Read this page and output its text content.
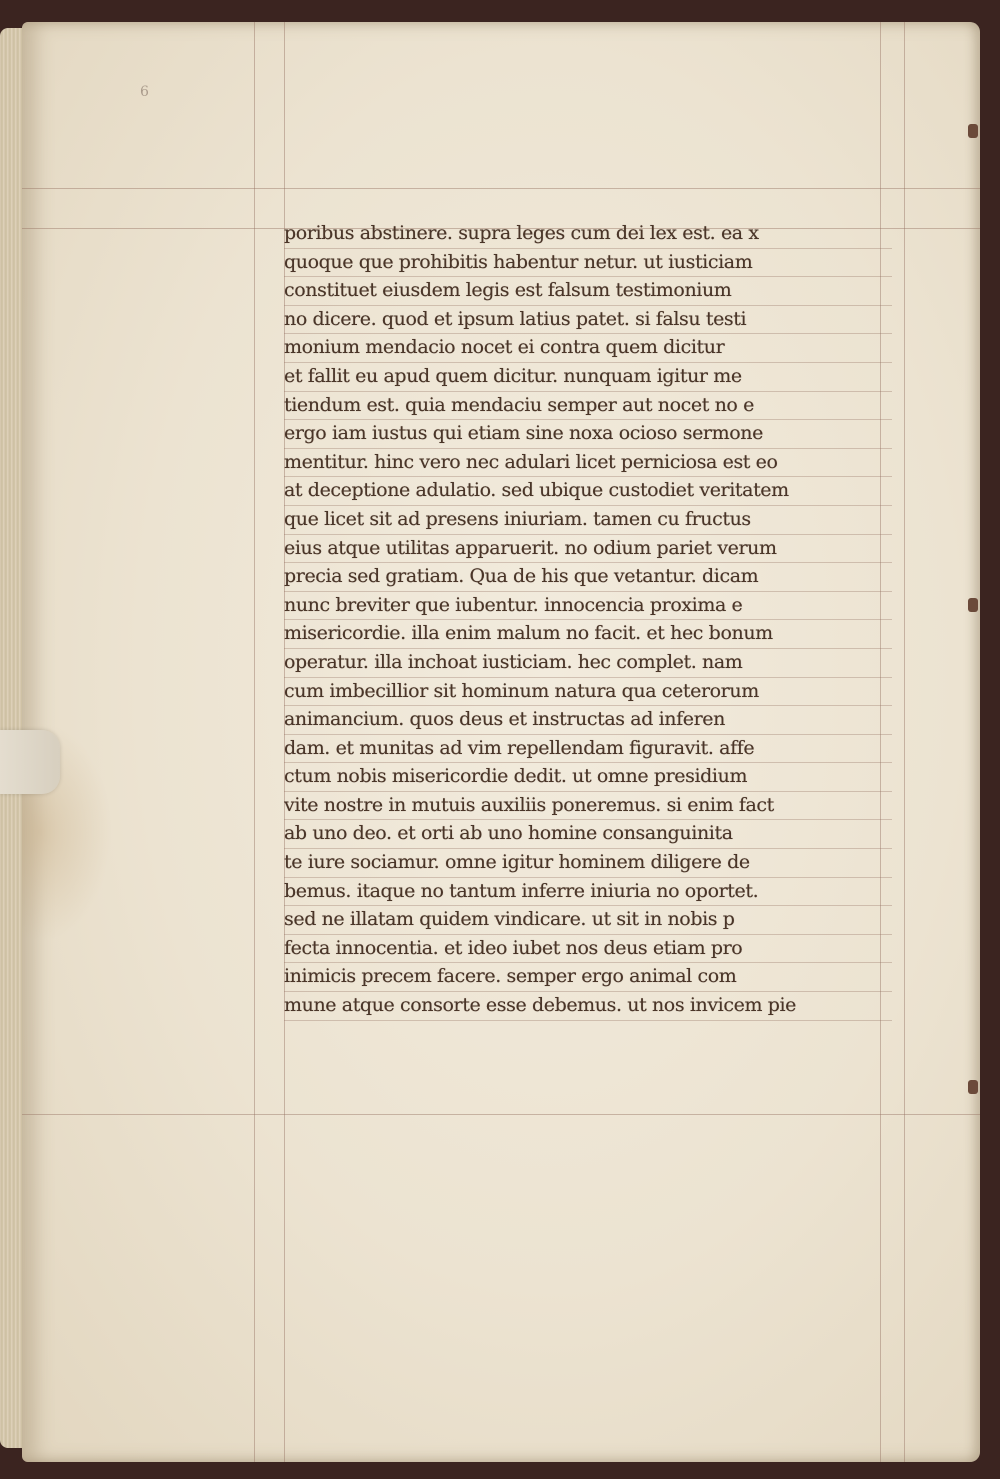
6
poribus abstinere. supra leges cum dei lex est. ea x
quoque que prohibitis habentur netur. ut iusticiam
constituet eiusdem legis est falsum testimonium
no dicere. quod et ipsum latius patet. si falsu testi
monium mendacio nocet ei contra quem dicitur
et fallit eu apud quem dicitur. nunquam igitur me
tiendum est. quia mendaciu semper aut nocet no e
ergo iam iustus qui etiam sine noxa ocioso sermone
mentitur. hinc vero nec adulari licet perniciosa est eo
at deceptione adulatio. sed ubique custodiet veritatem
que licet sit ad presens iniuriam. tamen cu fructus
eius atque utilitas apparuerit. no odium pariet verum
precia sed gratiam. Qua de his que vetantur. dicam
nunc breviter que iubentur. innocencia proxima e
misericordie. illa enim malum no facit. et hec bonum
operatur. illa inchoat iusticiam. hec complet. nam
cum imbecillior sit hominum natura qua ceterorum
animancium. quos deus et instructas ad inferen
dam. et munitas ad vim repellendam figuravit. affe
ctum nobis misericordie dedit. ut omne presidium
vite nostre in mutuis auxiliis poneremus. si enim fact
ab uno deo. et orti ab uno homine consanguinita
te iure sociamur. omne igitur hominem diligere de
bemus. itaque no tantum inferre iniuria no oportet.
sed ne illatam quidem vindicare. ut sit in nobis p
fecta innocentia. et ideo iubet nos deus etiam pro
inimicis precem facere. semper ergo animal com
mune atque consorte esse debemus. ut nos invicem pie
